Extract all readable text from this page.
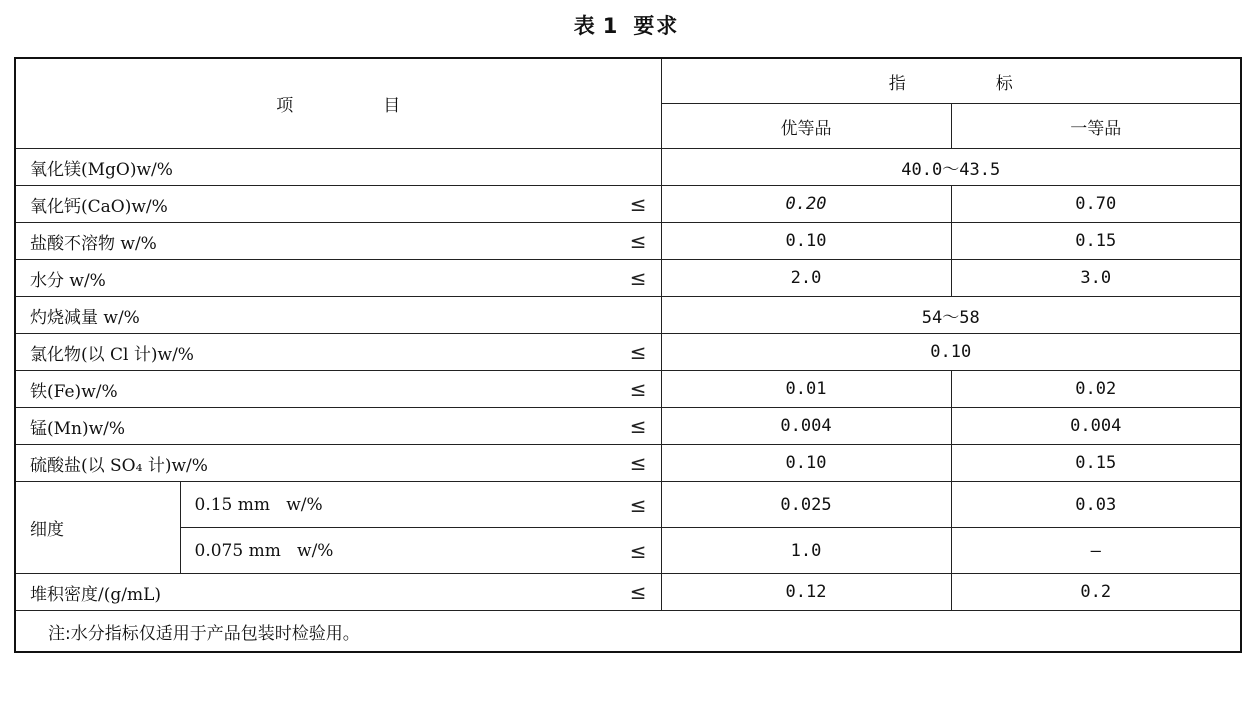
表 1 要求
项 目		指 标	
		优等品	一等品
氧化镁(MgO)w/%		40.0～43.5	

氧化钙(CaO)w/% ≤		0.20	0.70

盐酸不溶物 w/% ≤		0.10	0.15

水分 w/% ≤		2.0	3.0
灼烧减量 w/%		54～58	

氯化物(以 Cl 计)w/% ≤		0.10	

铁(Fe)w/% ≤		0.01	0.02

锰(Mn)w/% ≤		0.004	0.004

硫酸盐(以 SO₄ 计)w/% ≤		0.10	0.15
细度	0.15 mm   w/% ≤	0.025	0.03

	0.075 mm   w/% ≤	1.0	—

堆积密度/(g/mL) ≤		0.12	0.2
注:水分指标仅适用于产品包装时检验用。			
